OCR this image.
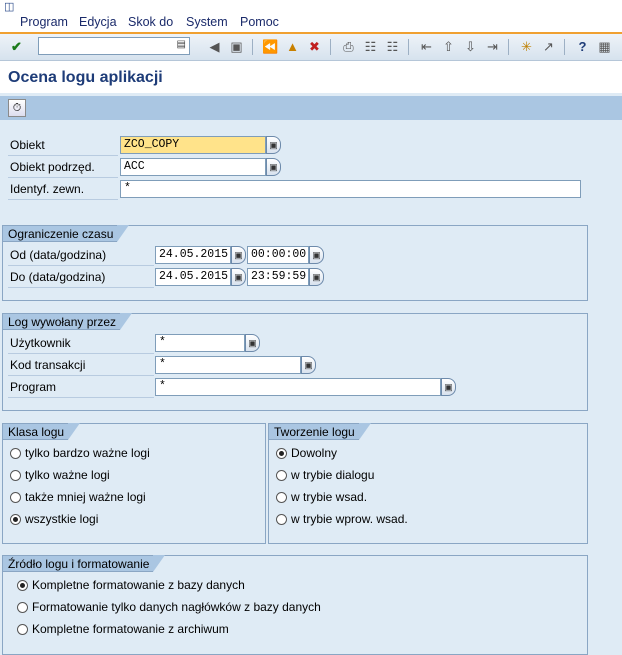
◫
Program Edycja Skok do System Pomoc
✔	▤ ◀ ▣ ⏪ ▲ ✖ ⎙ ☷ ☷ ⇤ ⇧ ⇩ ⇥ ✳ ↗	? ▦
Ocena logu aplikacji
⏱
Obiekt	ZCO_COPY	▣
Obiekt podrzęd.	ACC	▣
Identyf. zewn.	*
Ograniczenie czasu
Od (data/godzina)	24.05.2015 ▣ 00:00:00 ▣
Do (data/godzina)	24.05.2015 ▣ 23:59:59 ▣
Log wywołany przez
Użytkownik	*	▣
Kod transakcji	*	▣
Program	*	▣
Klasa logu
tylko bardzo ważne logi
tylko ważne logi
także mniej ważne logi
wszystkie logi
Tworzenie logu
Dowolny
w trybie dialogu
w trybie wsad.
w trybie wprow. wsad.
Źródło logu i formatowanie
Kompletne formatowanie z bazy danych
Formatowanie tylko danych nagłówków z bazy danych
Kompletne formatowanie z archiwum
